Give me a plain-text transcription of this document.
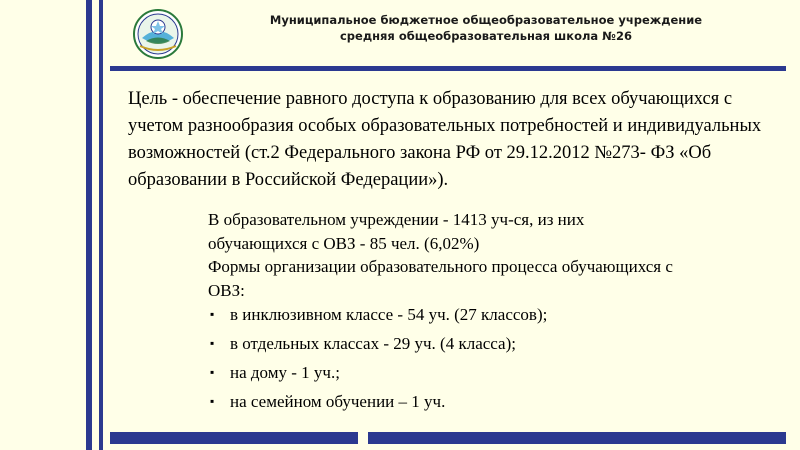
Муниципальное бюджетное общеобразовательное учреждение
средняя общеобразовательная школа №26
Цель - обеспечение равного доступа к образованию для всех обучающихся с учетом разнообразия особых образовательных потребностей и индивидуальных возможностей (ст.2 Федерального закона РФ от 29.12.2012 №273- ФЗ «Об образовании в Российской Федерации»).
В образовательном учреждении - 1413 уч-ся, из них
обучающихся с ОВЗ - 85 чел. (6,02%)
Формы организации образовательного процесса обучающихся с
ОВЗ:
▪ в инклюзивном классе - 54 уч. (27 классов);
▪ в отдельных классах - 29 уч. (4 класса);
▪ на дому - 1 уч.;
▪ на семейном обучении – 1 уч.
